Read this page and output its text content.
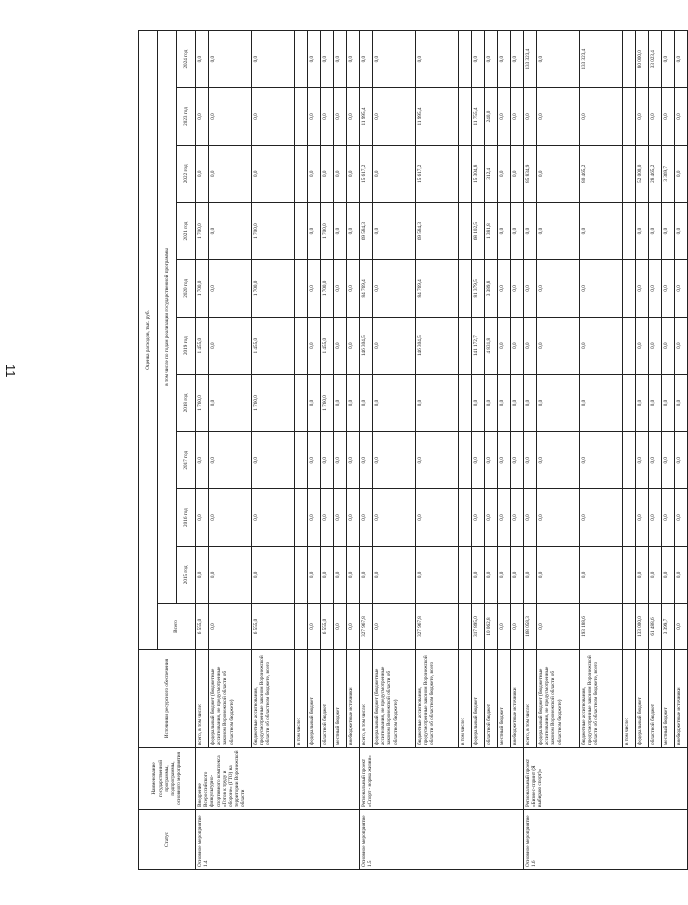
11
Статус	Наименование государственной программы, подпрограммы, основного мероприятия	Источники ресурсного обеспечения	Оценка расходов, тыс. руб.										
			Всего	в том числе по годам реализации государственной программы									
				2015 год	2016 год	2017 год	2018 год	2019 год	2020 год	2021 год	2022 год	2023 год	2024 год
Основное мероприятие 1.4	Внедрение Всероссийского физкультурно-спортивного комплекса «Готов к труду и обороне» (ГТО) на территории Воронежской области	всего, в том числе:	6 555,0	0,0	0,0	0,0	1 760,0	1 455,0	1 700,0	1 700,0	0,0	0,0	0,0
		федеральный бюджет (бюджетные ассигнования, не предусмотренные законом Воронежской области об областном бюджете)	0,0	0,0	0,0	0,0	0,0	0,0	0,0	0,0	0,0	0,0	0,0
		бюджетные ассигнования, предусмотренные законом Воронежской области об областном бюджете, всего	6 555,0	0,0	0,0	0,0	1 760,0	1 455,0	1 700,0	1 700,0	0,0	0,0	0,0
		в том числе:											
		федеральный бюджет	0,0	0,0	0,0	0,0	0,0	0,0	0,0	0,0	0,0	0,0	0,0
		областной бюджет	6 555,0	0,0	0,0	0,0	1 760,0	1 455,0	1 700,0	1 700,0	0,0	0,0	0,0
		местный бюджет	0,0	0,0	0,0	0,0	0,0	0,0	0,0	0,0	0,0	0,0	0,0
		внебюджетные источники	0,0	0,0	0,0	0,0	0,0	0,0	0,0	0,0	0,0	0,0	0,0
Основное мероприятие 1.5	Региональный проект «Спорт - норма жизни»	всего, в том числе:	327 967,8	0,0	0,0	0,0	0,0	146 304,5	84 769,4	69 584,3	15 617,2	11 995,4	0,0
		федеральный бюджет (бюджетные ассигнования, не предусмотренные законом Воронежской области об областном бюджете)	0,0	0,0	0,0	0,0	0,0	0,0	0,0	0,0	0,0	0,0	0,0
		бюджетные ассигнования, предусмотренные законом Воронежской области об областном бюджете, всего	327 967,8	0,0	0,0	0,0	0,0	146 304,5	84 769,4	69 584,3	15 617,2	11 995,4	0,0
		в том числе:											
		федеральный бюджет	317 895,0	0,0	0,0	0,0	0,0	141 172,7	81 379,5	68 102,5	15 304,8	11 755,4	0,0
		областной бюджет	10 062,8	0,0	0,0	0,0	0,0	4 831,8	3 389,8	1 381,8	312,4	240,0	0,0
		местный бюджет	0,0	0,0	0,0	0,0	0,0	0,0	0,0	0,0	0,0	0,0	0,0
		внебюджетные источники	0,0	0,0	0,0	0,0	0,0	0,0	0,0	0,0	0,0	0,0	0,0
Основное мероприятие 1.6	Региональный проект «Бизнес-спринт (Я выбираю спорт)»	всего, в том числе:	168 058,3	0,0	0,0	0,0	0,0	0,0	0,0	0,0	85 834,9	0,0	133 323,4
		федеральный бюджет (бюджетные ассигнования, не предусмотренные законом Воронежской области об областном бюджете)	0,0	0,0	0,0	0,0	0,0	0,0	0,0	0,0	0,0	0,0	0,0
		бюджетные ассигнования, предусмотренные законом Воронежской области об областном бюджете, всего	193 188,6	0,0	0,0	0,0	0,0	0,0	0,0	0,0	80 465,2	0,0	133 323,4
		в том числе:											
		федеральный бюджет	133 000,0	0,0	0,0	0,0	0,0	0,0	0,0	0,0	52 000,0	0,0	80 000,0
		областной бюджет	61 488,6	0,0	0,0	0,0	0,0	0,0	0,0	0,0	28 465,2	0,0	33 023,4
		местный бюджет	3 399,7	0,0	0,0	0,0	0,0	0,0	0,0	0,0	3 369,7	0,0	0,0
		внебюджетные источники	0,0	0,0	0,0	0,0	0,0	0,0	0,0	0,0	0,0	0,0	0,0
